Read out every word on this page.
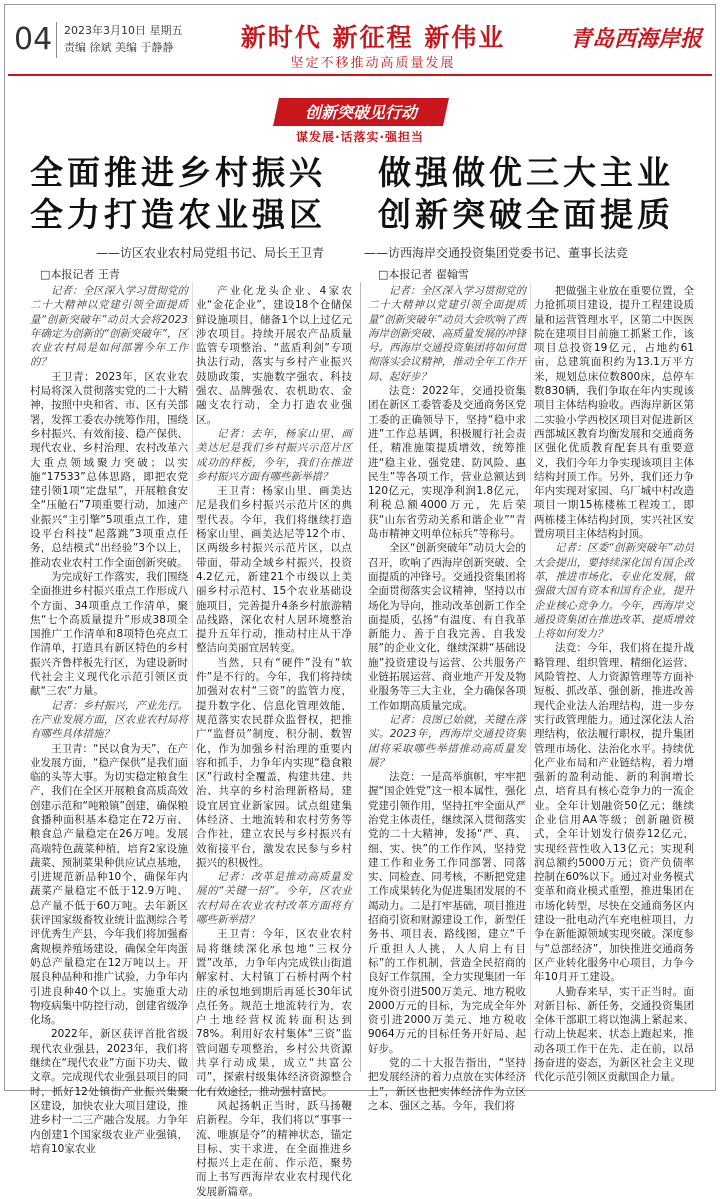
04 2023年3月10日 星期五
责编 徐斌 美编 于静静	新时代 新征程 新伟业
坚定不移推动高质量发展
青岛西海岸报
创新突破见行动
谋发展·话落实·强担当
全面推进乡村振兴
全力打造农业强区
——访区农业农村局党组书记、局长王卫青
□本报记者 王青

记者：全区深入学习贯彻党的二十大精神以党建引领全面提质量“创新突破年”动员大会将2023年确定为创新的“创新突破年”，区农业农村局是如何部署今年工作的？

王卫青：2023年，区农业农村局将深入贯彻落实党的二十大精神，按照中央和省、市、区有关部署，发挥工委农办统筹作用，围绕乡村振兴、有效衔接、稳产保供、现代农业、乡村治理、农村改革六大重点领域聚力突破；以实施“17533”总体思路，即把农党建引领1项“定盘星”，开展粮食安全“压舱石”7项重要行动，加速产业振兴“主引擎”5项重点工作，建设平台科技“起落跳”3项重点任务，总结模式“出经验”3个以上，推动农业农村工作全面创新突破。

为完成好工作落实，我们围绕全面推进乡村振兴重点工作形成八个方面、34项重点工作清单，聚焦“七个高质量提升”形成38项全国推广工作清单和8项特色亮点工作清单，打造具有新区特色的乡村振兴齐鲁样板先行区，为建设新时代社会主义现代化示范引领区贡献“三农”力量。

记者：乡村振兴，产业先行。在产业发展方面，区农业农村局将有哪些具体措施？

王卫青：“民以食为天”，在产业发展方面，“稳产保供”是我们面临的头等大事。为切实稳定粮食生产，我们在全区开展粮食高质高效创建示范和“吨粮镇”创建，确保粮食播种面积基本稳定在72万亩、粮食总产量稳定在26万吨。发展高端特色蔬菜种植，培育2家设施蔬菜、预制菜果种供应试点基地，引进规范新品种10个，确保年内蔬菜产量稳定不低于12.9万吨、总产量不低于60万吨。去年新区获评国家级畜牧业统计监测综合考评优秀生产县，今年我们将加强畜禽规模养殖场建设，确保全年肉蛋奶总产量稳定在12万吨以上。开展良种品种和推广试验，力争年内引进良种40个以上。实施重大动物疫病集中防控行动，创建省级净化场。

2022年，新区获评首批省级现代农业强县，2023年，我们将继续在“现代农业”方面下功夫、做文章。完成现代农业强县项目的同时，抓好12处镇街产业振兴集聚区建设，加快农业大项目建设，推进乡村一二三产融合发展。力争年内创建1个国家级农业产业强镇，培育10家农业

产业化龙头企业、4家农业“金花企业”，建设18个仓储保鲜设施项目，储备1个以上过亿元涉农项目。持续开展农产品质量监管专项整治、“蓝盾利剑”专项执法行动，落实与乡村产业振兴鼓励政策，实施数字强农、科技强农、品牌强农、农机助农、金融支农行动，全力打造农业强区。

记者：去年，杨家山里、画美达尼是我们乡村振兴示范片区成功的样板，今年，我们在推进乡村振兴方面有哪些新举措？

王卫青：杨家山里、画美达尼是我们乡村振兴示范片区的典型代表。今年，我们将继续打造杨家山里、画美达尼等12个市、区两级乡村振兴示范片区，以点带面，带动全域乡村振兴，投资4.2亿元，新建21个市级以上美丽乡村示范村、15个农业基础设施项目，完善提升4条乡村旅游精品线路，深化农村人居环境整治提升五年行动，推动村庄从干净整洁向美丽宜居转变。

当然，只有“硬件”没有“软件”是不行的。今年，我们将持续加强对农村“三资”的监管力度，提升数字化、信息化管理效能，规范落实农民群众监督权，把推广“监督员”制度、积分制、数智化，作为加强乡村治理的重要内容和抓手，力争年内实现“稳食粮区”行政村全覆盖，构建共建、共治、共享的乡村治理新格局，建设宜居宜业新家园。试点组建集体经济、土地流转和农村劳务等合作社，建立农民与乡村振兴有效衔接平台，激发农民参与乡村振兴的积极性。

记者：改革是推动高质量发展的“关键一招”。今年，区农业农村局在农业农村改革方面将有哪些新举措？

王卫青：今年，区农业农村局将继续深化承包地“三权分置”改革，力争年内完成铁山街道解家村、大村镇丁石桥村两个村庄的承包地到期后再延长30年试点任务。规范土地流转行为，农户土地经营权流转面积达到78%。利用好农村集体“三资”监管问题专项整治，乡村公共资源共享行动成果，成立“共富公司”，探索村级集体经济资源整合化有效途径，推动强村富民。

风起扬帆正当时，跃马扬鞭启新程。今年，我们将以“事事一流、唯旗是夺”的精神状态，锚定目标、实干求进，在全面推进乡村振兴上走在前、作示范，聚势而上书写西海岸农业农村现代化发展新篇章。

做强做优三大主业
创新突破全面提质
——访西海岸交通投资集团党委书记、董事长法竞
□本报记者 翟翰雪

记者：全区深入学习贯彻党的二十大精神以党建引领全面提质量“创新突破年”动员大会吹响了西海岸创新突破、高质量发展的冲锋号。西海岸交通投资集团将如何贯彻落实会议精神，推动全年工作开局、起好步？

法竞：2022年，交通投资集团在新区工委管委及交通商务区党工委的正确领导下，坚持“稳中求进”工作总基调，积极履行社会责任，精准施策提质增效，统筹推进“稳主业、强党建、防风险、惠民生”等各项工作，营业总额达到120亿元，实现净利润1.8亿元，利税总额4000万元，先后荣获“山东省劳动关系和谐企业”“青岛市精神文明单位标兵”等称号。

全区“创新突破年”动员大会的召开，吹响了西海岸创新突破、全面提质的冲锋号。交通投资集团将全面贯彻落实会议精神，坚持以市场化为导向，推动改革创新工作全面提质，弘扬“有温度、有自我革新能力、善于自我完善、自我发展”的企业文化，继续深耕“基础设施”投资建设与运营、公共服务产业链拓展运营、商业地产开发及物业服务等三大主业，全力确保各项工作如期高质量完成。

记者：良图已始就，关键在落实。2023年，西海岸交通投资集团将采取哪些举措推动高质量发展？

法竞：一是高举旗帜，牢牢把握“国企姓党”这一根本属性，强化党建引领作用，坚持扛牢全面从严治党主体责任，继续深入贯彻落实党的二十大精神，发扬“严、真、细、实、快”的工作作风，坚持党建工作和业务工作同部署、同落实、同检查、同考核，不断把党建工作成果转化为促进集团发展的不竭动力。二是打牢基础，项目推进招商引资和财源建设工作，新型任务书、项目表、路线图，建立“千斤重担人人挑，人人肩上有目标”的工作机制，营造全民招商的良好工作氛围，全力实现集团一年度外资引进500万美元、地方税收2000万元的目标，为完成全年外资引进2000万美元、地方税收9064万元的目标任务开好局、起好步。

党的二十大报告指出，“坚持把发展经济的着力点放在实体经济上”，新区也把实体经济作为立区之本、强区之基。今年，我们将

把做强主业放在重要位置，全力抢抓项目建设，提升工程建设质量和运营管理水平，区第二中医医院在建项目目前施工抓紧工作，该项目总投资19亿元，占地约61亩，总建筑面积约为13.1万平方米，规划总床位数800床，总停车数830辆，我们争取在年内实现该项目主体结构验收。西海岸新区第二实验小学西校区项目对促进新区西部城区教育均衡发展和交通商务区强化优质教育配套具有重要意义，我们今年力争实现该项目主体结构封顶工作。另外，我们还力争年内实现对家园、乌厂城中村改造项目一期15栋楼栋工程竣工，即两栋楼主体结构封顶，实兴社区安置房项目主体结构封顶。

记者：区委“创新突破年”动员大会提出，要持续深化国有国企改革，推进市场化、专业化发展，做强做大国有资本和国有企业，提升企业核心竞争力。今年，西海岸交通投资集团在推进改革、提质增效上将如何发力？

法竞：今年，我们将在提升战略管理、组织管理、精细化运营、风险管控、人力资源管理等方面补短板、抓改革、强创新，推进改善现代企业法人治理结构，进一步夯实行政管理能力。通过深化法人治理结构，依法履行职权，提升集团管理市场化、法治化水平。持续优化产业布局和产业链结构，着力增强新的盈利动能、新的利润增长点，培育具有核心竞争力的一流企业。全年计划融资50亿元；继续企业信用AA等级；创新融资模式，全年计划发行债券12亿元，实现经营性收入13亿元；实现利润总额约5000万元；资产负债率控制在60%以下。通过对业务模式变革和商业模式重塑，推进集团在市场化转型，尽快在交通商务区内建设一批电动汽车充电桩项目，力争在新能源领域实现突破。深度参与“总部经济”，加快推进交通商务区产业转化服务中心项目，力争今年10月开工建设。

人勤春来早，实干正当时。面对新目标、新任务，交通投资集团全体干部职工将以饱满上紧起来、行动上快起来、状态上跑起来，推动各项工作干在先、走在前，以昂扬奋进的姿态，为新区社会主义现代化示范引领区贡献国企力量。
